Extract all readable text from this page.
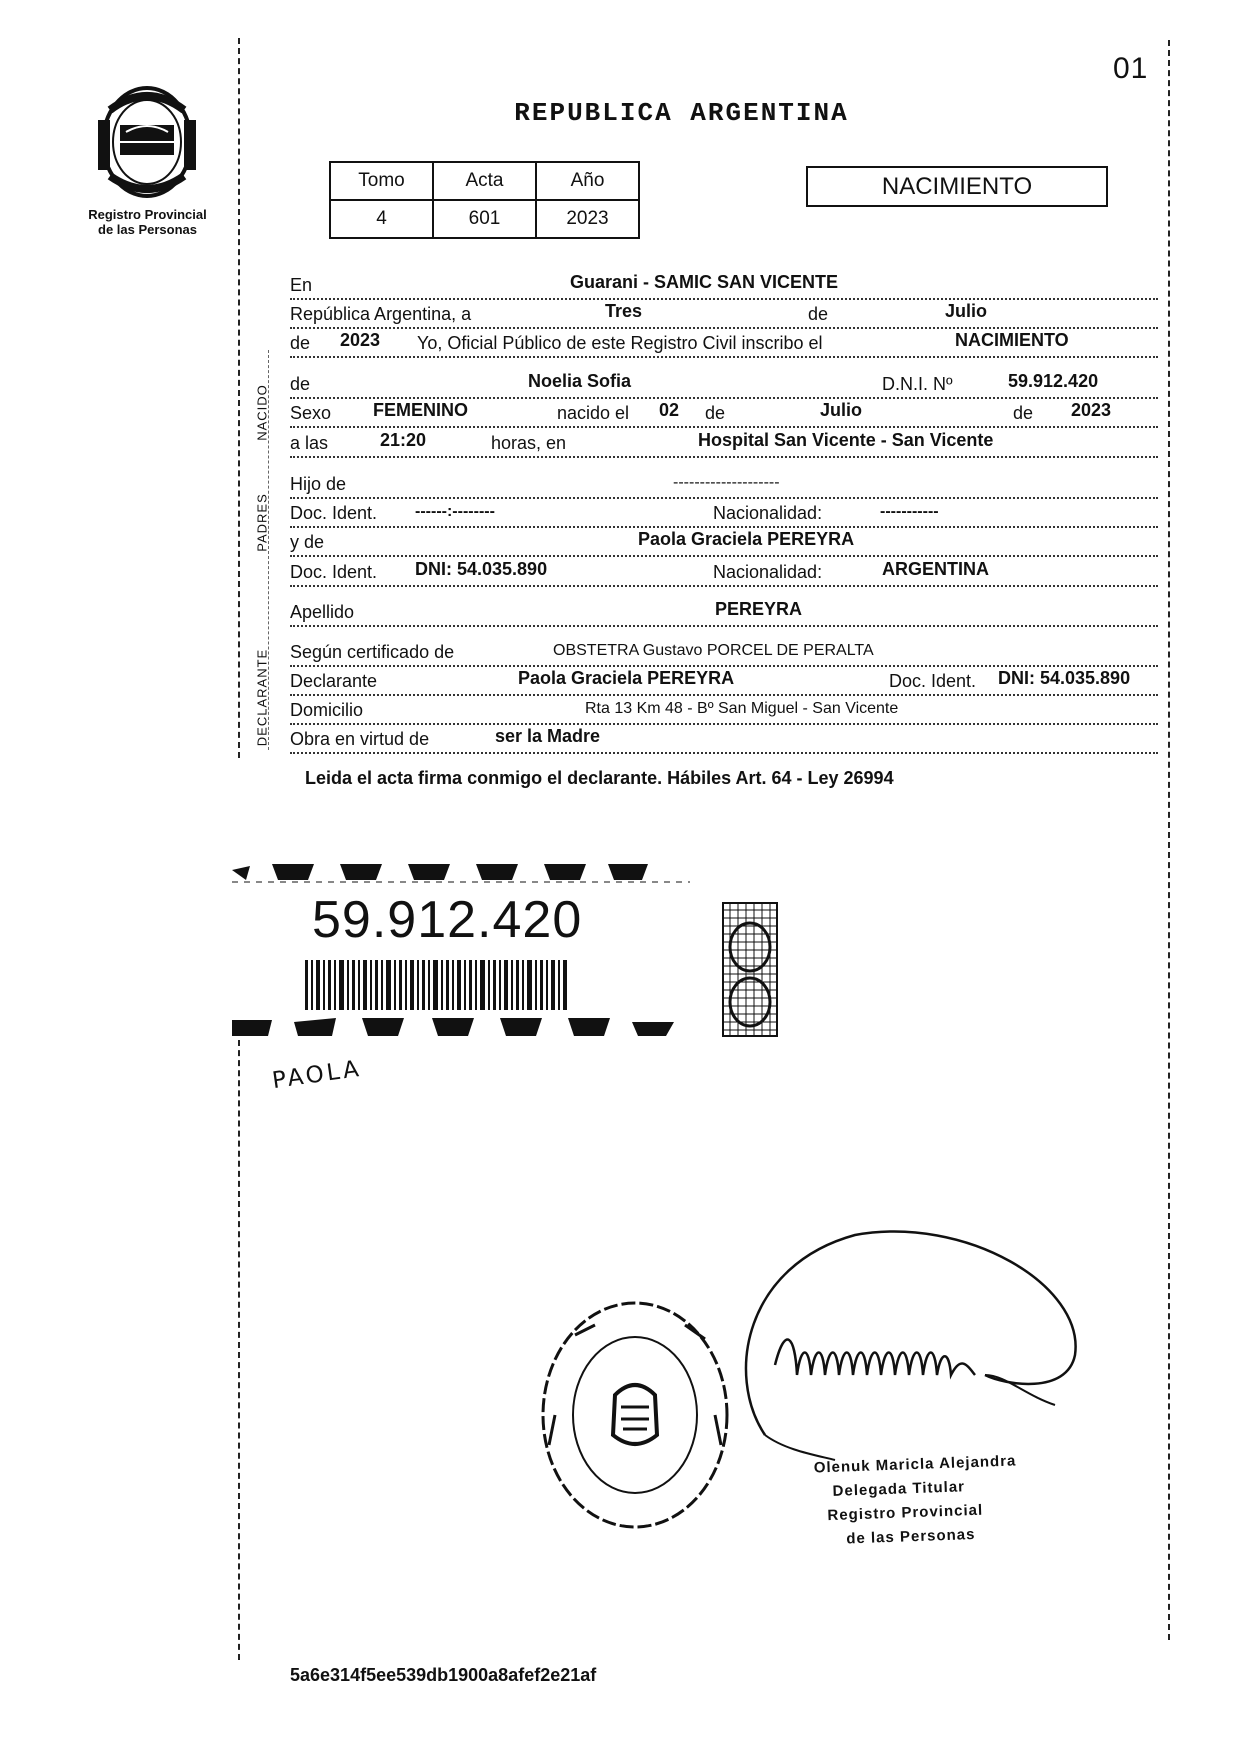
01
REPUBLICA ARGENTINA
Registro Provincial
de las Personas
Tomo	Acta	Año
4	601	2023
NACIMIENTO
NACIDO
PADRES
DECLARANTE
En	Guarani - SAMIC SAN VICENTE
República Argentina, a	Tres	de	Julio
de 2023 Yo, Oficial Público de este Registro Civil inscribo el	NACIMIENTO
de	Noelia Sofia	D.N.I. Nº	59.912.420
Sexo FEMENINO	nacido el 02 de	Julio	de 2023
a las	21:20	horas, en	Hospital San Vicente - San Vicente
Hijo de	--------------------
Doc. Ident. ------:--------	Nacionalidad:	-----------
y de	Paola Graciela PEREYRA
Doc. Ident. DNI: 54.035.890	Nacionalidad:	ARGENTINA
Apellido	PEREYRA
Según certificado de	OBSTETRA Gustavo PORCEL DE PERALTA
Declarante	Paola Graciela PEREYRA	Doc. Ident. DNI: 54.035.890
Domicilio	Rta 13 Km 48 - Bº San Miguel - San Vicente
Obra en virtud de	ser la Madre
Leida el acta firma conmigo el declarante. Hábiles Art. 64 - Ley 26994
59.912.420
PAOLA
Olenuk Maricla Alejandra
Delegada Titular
Registro Provincial
de las Personas
5a6e314f5ee539db1900a8afef2e21af
